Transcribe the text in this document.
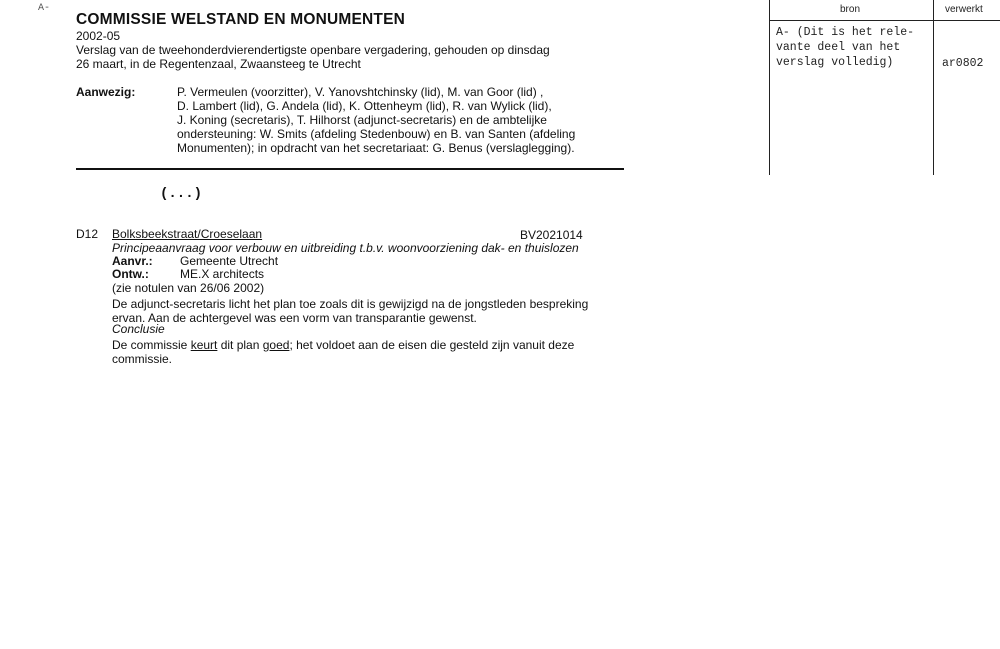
A-
COMMISSIE WELSTAND EN MONUMENTEN
2002-05
Verslag van de tweehonderdvierendertigste openbare vergadering, gehouden op dinsdag
26 maart, in de Regentenzaal, Zwaansteeg te Utrecht
Aanwezig:	P. Vermeulen (voorzitter), V. Yanovshtchinsky (lid), M. van Goor (lid) ,
D. Lambert (lid), G. Andela (lid), K. Ottenheym (lid), R. van Wylick (lid),
J. Koning (secretaris), T. Hilhorst (adjunct-secretaris) en de ambtelijke
ondersteuning: W. Smits (afdeling Stedenbouw) en B. van Santen (afdeling
Monumenten); in opdracht van het secretariaat: G. Benus (verslaglegging).
(...)
D12 Bolksbeekstraat/Croeselaan	BV2021014
Principeaanvraag voor verbouw en uitbreiding t.b.v. woonvoorziening dak- en thuislozen
Aanvr.: Gemeente Utrecht
Ontw.:	ME.X architects
(zie notulen van 26/06 2002)
De adjunct-secretaris licht het plan toe zoals dit is gewijzigd na de jongstleden bespreking
ervan. Aan de achtergevel was een vorm van transparantie gewenst.
Conclusie
De commissie keurt dit plan goed; het voldoet aan de eisen die gesteld zijn vanuit deze
commissie.
bron	verwerkt
A- (Dit is het rele-
vante deel van het
verslag volledig)	ar0802
